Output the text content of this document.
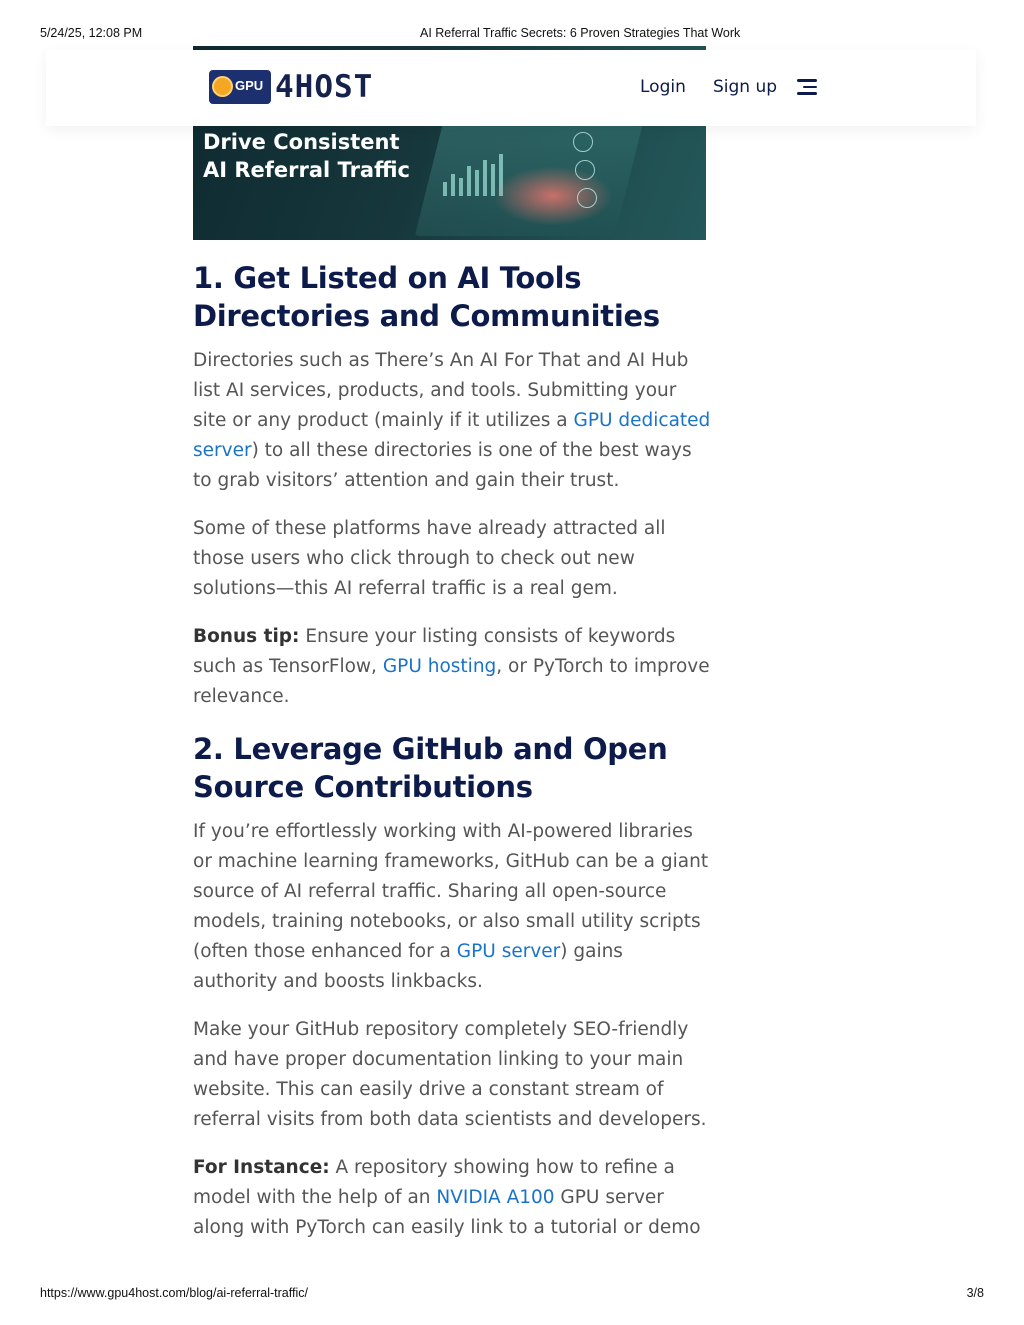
5/24/25, 12:08 PM	AI Referral Traffic Secrets: 6 Proven Strategies That Work
Drive Consistent
AI Referral Traffic
GPU 4HOST	Login Sign up
1. Get Listed on AI Tools Directories and Communities

Directories such as There’s An AI For That and AI Hub list AI services, products, and tools. Submitting your site or any product (mainly if it utilizes a GPU dedicated server) to all these directories is one of the best ways to grab visitors’ attention and gain their trust.

Some of these platforms have already attracted all those users who click through to check out new solutions—this AI referral traffic is a real gem.

Bonus tip: Ensure your listing consists of keywords such as TensorFlow, GPU hosting, or PyTorch to improve relevance.

2. Leverage GitHub and Open Source Contributions

If you’re effortlessly working with AI-powered libraries or machine learning frameworks, GitHub can be a giant source of AI referral traffic. Sharing all open-source models, training notebooks, or also small utility scripts (often those enhanced for a GPU server) gains authority and boosts linkbacks.

Make your GitHub repository completely SEO-friendly and have proper documentation linking to your main website. This can easily drive a constant stream of referral visits from both data scientists and developers.

For Instance: A repository showing how to refine a model with the help of an NVIDIA A100 GPU server along with PyTorch can easily link to a tutorial or demo

https://www.gpu4host.com/blog/ai-referral-traffic/	3/8
